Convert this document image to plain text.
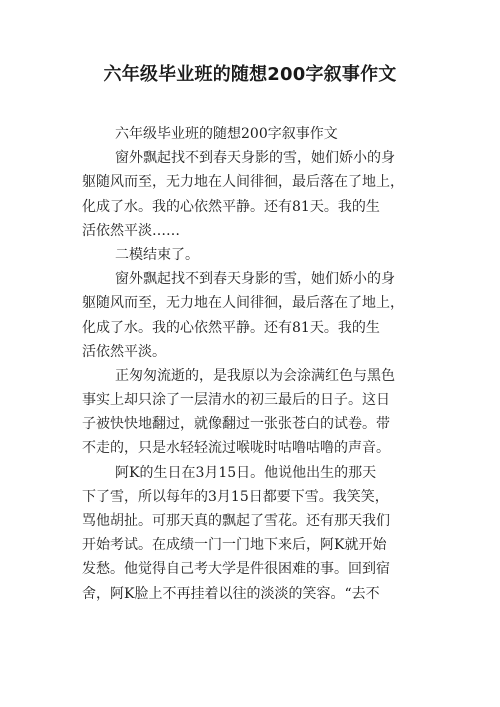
六年级毕业班的随想200字叙事作文
六年级毕业班的随想200字叙事作文
窗外飘起找不到春天身影的雪，她们娇小的身
躯随风而至，无力地在人间徘徊，最后落在了地上，
化成了水。我的心依然平静。还有81天。我的生
活依然平淡……
二模结束了。
窗外飘起找不到春天身影的雪，她们娇小的身
躯随风而至，无力地在人间徘徊，最后落在了地上，
化成了水。我的心依然平静。还有81天。我的生
活依然平淡。
正匆匆流逝的，是我原以为会涂满红色与黑色
事实上却只涂了一层清水的初三最后的日子。这日
子被快快地翻过，就像翻过一张张苍白的试卷。带
不走的，只是水轻轻流过喉咙时咕噜咕噜的声音。
阿K的生日在3月15日。他说他出生的那天
下了雪，所以每年的3月15日都要下雪。我笑笑，
骂他胡扯。可那天真的飘起了雪花。还有那天我们
开始考试。在成绩一门一门地下来后，阿K就开始
发愁。他觉得自己考大学是件很困难的事。回到宿
舍，阿K脸上不再挂着以往的淡淡的笑容。“去不
